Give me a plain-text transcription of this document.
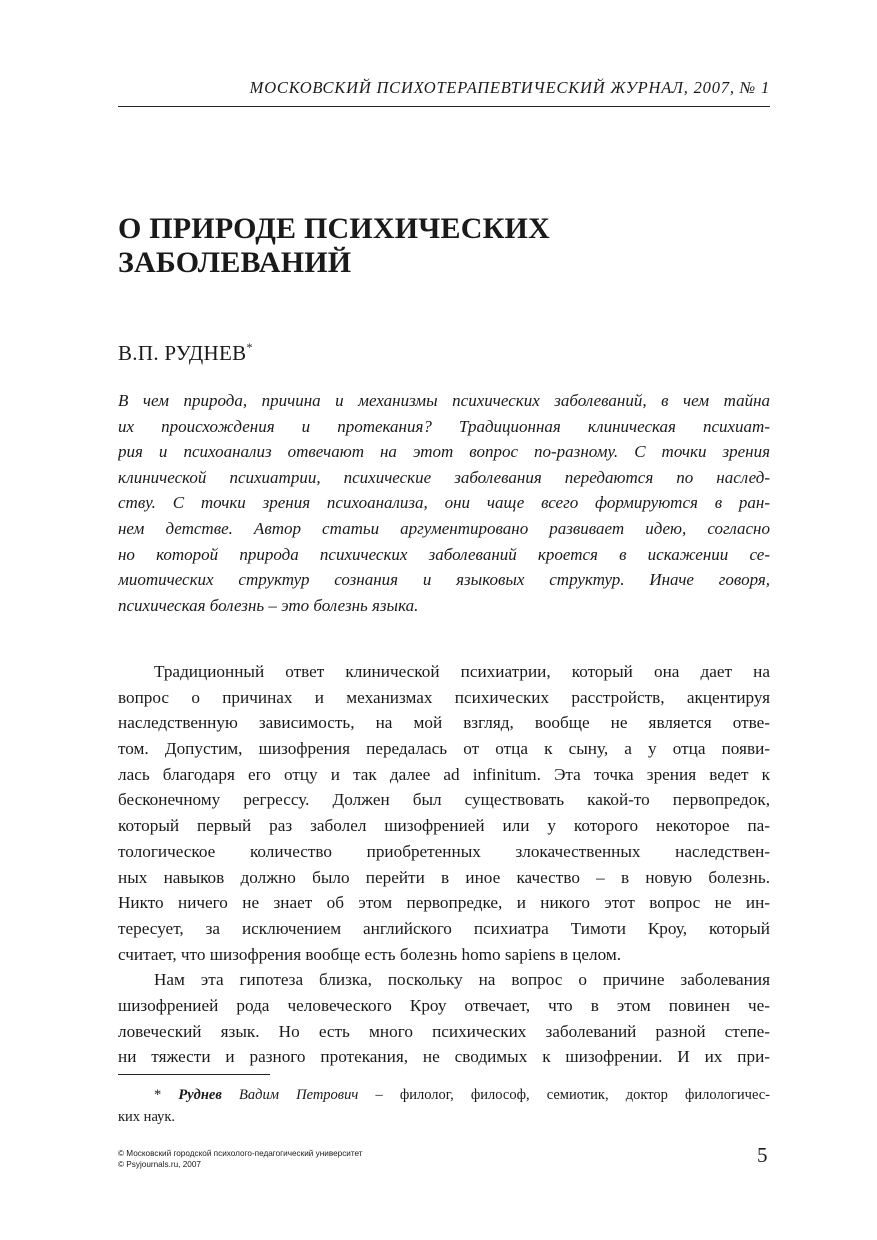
МОСКОВСКИЙ ПСИХОТЕРАПЕВТИЧЕСКИЙ ЖУРНАЛ, 2007, № 1
О ПРИРОДЕ ПСИХИЧЕСКИХ
ЗАБОЛЕВАНИЙ
В.П. РУДНЕВ*
В чем природа, причина и механизмы психических заболеваний, в чем тайна
их происхождения и протекания? Традиционная клиническая психиат-
рия и психоанализ отвечают на этот вопрос по-разному. С точки зрения
клинической психиатрии, психические заболевания передаются по наслед-
ству. С точки зрения психоанализа, они чаще всего формируются в ран-
нем детстве. Автор статьи аргументировано развивает идею, согласно
но которой природа психических заболеваний кроется в искажении се-
миотических структур сознания и языковых структур. Иначе говоря,
психическая болезнь – это болезнь языка.
Традиционный ответ клинической психиатрии, который она дает на
вопрос о причинах и механизмах психических расстройств, акцентируя
наследственную зависимость, на мой взгляд, вообще не является отве-
том. Допустим, шизофрения передалась от отца к сыну, а у отца появи-
лась благодаря его отцу и так далее ad infinitum. Эта точка зрения ведет к
бесконечному регрессу. Должен был существовать какой-то первопредок,
который первый раз заболел шизофренией или у которого некоторое па-
тологическое количество приобретенных злокачественных наследствен-
ных навыков должно было перейти в иное качество – в новую болезнь.
Никто ничего не знает об этом первопредке, и никого этот вопрос не ин-
тересует, за исключением английского психиатра Тимоти Кроу, который
считает, что шизофрения вообще есть болезнь homo sapiens в целом.
Нам эта гипотеза близка, поскольку на вопрос о причине заболевания
шизофренией рода человеческого Кроу отвечает, что в этом повинен че-
ловеческий язык. Но есть много психических заболеваний разной степе-
ни тяжести и разного протекания, не сводимых к шизофрении. И их при-
* Руднев Вадим Петрович – филолог, философ, семиотик, доктор филологичес-
ких наук.
© Московский городской психолого-педагогический университет
© Psyjournals.ru, 2007	5
